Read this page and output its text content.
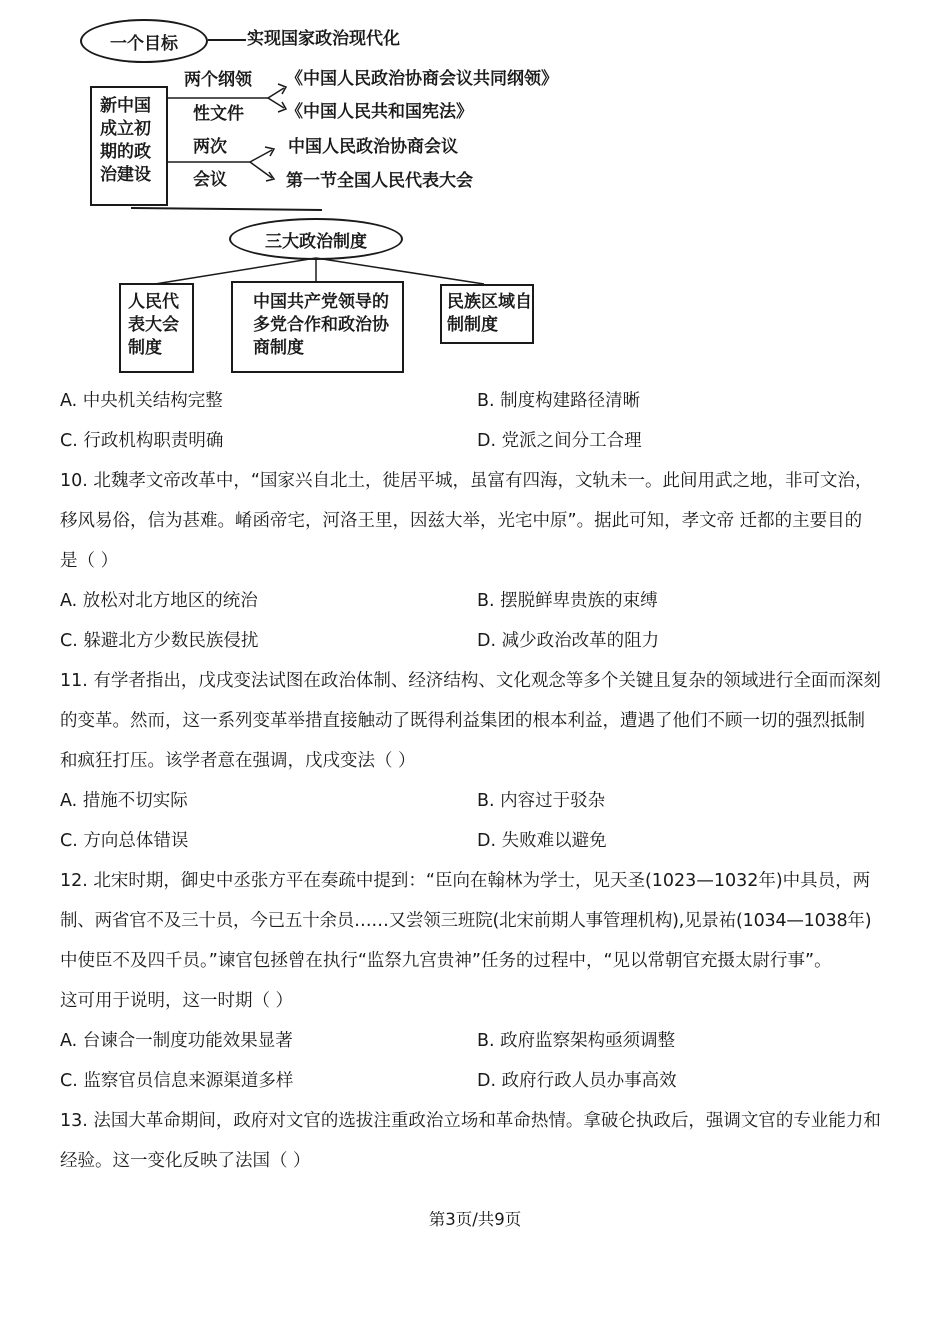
一个目标	实现国家政治现代化
新中国成立初期的政治建设
两个纲领
性文件
《中国人民政治协商会议共同纲领》
《中国人民共和国宪法》
两次
会议
中国人民政治协商会议
第一节全国人民代表大会
三大政治制度
人民代表大会制度
中国共产党领导的多党合作和政治协商制度
民族区域自制制度
A. 中央机关结构完整	B. 制度构建路径清晰
C. 行政机构职责明确	D. 党派之间分工合理
10. 北魏孝文帝改革中，“国家兴自北土，徙居平城，虽富有四海，文轨未一。此间用武之地，非可文治，
移风易俗，信为甚难。崤函帝宅，河洛王里，因兹大举，光宅中原”。据此可知，孝文帝 迁都的主要目的
是（ ）
A. 放松对北方地区的统治	B. 摆脱鲜卑贵族的束缚
C. 躲避北方少数民族侵扰	D. 减少政治改革的阻力
11. 有学者指出，戊戌变法试图在政治体制、经济结构、文化观念等多个关键且复杂的领域进行全面而深刻
的变革。然而，这一系列变革举措直接触动了既得利益集团的根本利益，遭遇了他们不顾一切的强烈抵制
和疯狂打压。该学者意在强调，戊戌变法（ ）
A. 措施不切实际	B. 内容过于驳杂
C. 方向总体错误	D. 失败难以避免
12. 北宋时期，御史中丞张方平在奏疏中提到：“臣向在翰林为学士，见天圣(1023—1032年)中具员，两
制、两省官不及三十员，今已五十余员……又尝领三班院(北宋前期人事管理机构),见景祐(1034—1038年)
中使臣不及四千员。”谏官包拯曾在执行“监祭九宫贵神”任务的过程中，“见以常朝官充摄太尉行事”。
这可用于说明，这一时期（ ）
A. 台谏合一制度功能效果显著	B. 政府监察架构亟须调整
C. 监察官员信息来源渠道多样	D. 政府行政人员办事高效
13. 法国大革命期间，政府对文官的选拔注重政治立场和革命热情。拿破仑执政后，强调文官的专业能力和
经验。这一变化反映了法国（ ）
第3页/共9页
